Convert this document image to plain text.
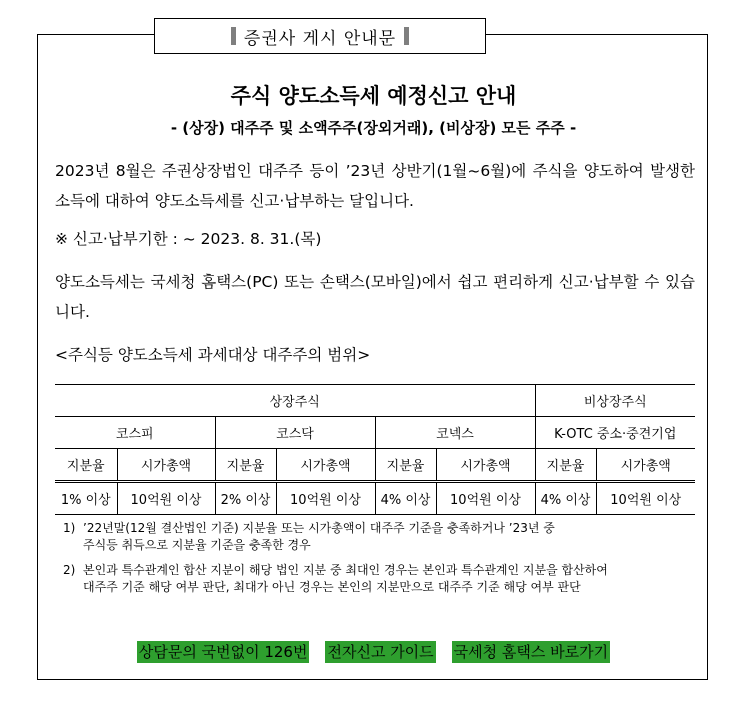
증권사 게시 안내문
주식 양도소득세 예정신고 안내
- (상장) 대주주 및 소액주주(장외거래), (비상장) 모든 주주 -
2023년 8월은 주권상장법인 대주주 등이 ’23년 상반기(1월~6월)에 주식을 양도하여 발생한 소득에 대하여 양도소득세를 신고·납부하는 달입니다.
※ 신고·납부기한 : ~ 2023. 8. 31.(목)
양도소득세는 국세청 홈택스(PC) 또는 손택스(모바일)에서 쉽고 편리하게 신고·납부할 수 있습니다.
<주식등 양도소득세 과세대상 대주주의 범위>
상장주식						비상장주식	
코스피		코스닥		코넥스		K-OTC 중소·중견기업	
지분율	시가총액	지분율	시가총액	지분율	시가총액	지분율	시가총액
1% 이상	10억원 이상	2% 이상	10억원 이상	4% 이상	10억원 이상	4% 이상	10억원 이상
1) ’22년말(12월 결산법인 기준) 지분율 또는 시가총액이 대주주 기준을 충족하거나 ’23년 중
주식등 취득으로 지분율 기준을 충족한 경우
2) 본인과 특수관계인 합산 지분이 해당 법인 지분 중 최대인 경우는 본인과 특수관계인 지분을 합산하여
대주주 기준 해당 여부 판단, 최대가 아닌 경우는 본인의 지분만으로 대주주 기준 해당 여부 판단
상담문의 국번없이 126번 전자신고 가이드 국세청 홈택스 바로가기
